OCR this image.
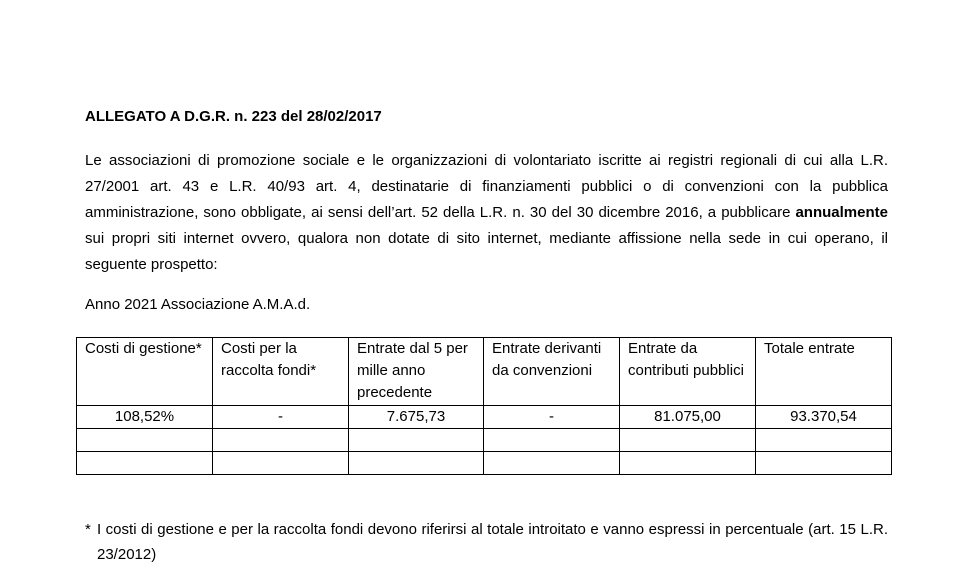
ALLEGATO A D.G.R. n. 223 del 28/02/2017

Le associazioni di promozione sociale e le organizzazioni di volontariato iscritte ai registri regionali di cui alla L.R. 27/2001 art. 43 e L.R. 40/93 art. 4, destinatarie di finanziamenti pubblici o di convenzioni con la pubblica amministrazione, sono obbligate, ai sensi dell’art. 52 della L.R. n. 30 del 30 dicembre 2016, a pubblicare annualmente sui propri siti internet ovvero, qualora non dotate di sito internet, mediante affissione nella sede in cui operano, il seguente prospetto:

Anno 2021 Associazione A.M.A.d.

Costi di gestione*	Costi per la raccolta fondi*	Entrate dal 5 per mille anno precedente	Entrate derivanti da convenzioni	Entrate da contributi pubblici	Totale entrate
108,52%	-	7.675,73	-	81.075,00	93.370,54

* I costi di gestione e per la raccolta fondi devono riferirsi al totale introitato e vanno espressi in percentuale (art. 15 L.R. 23/2012)
